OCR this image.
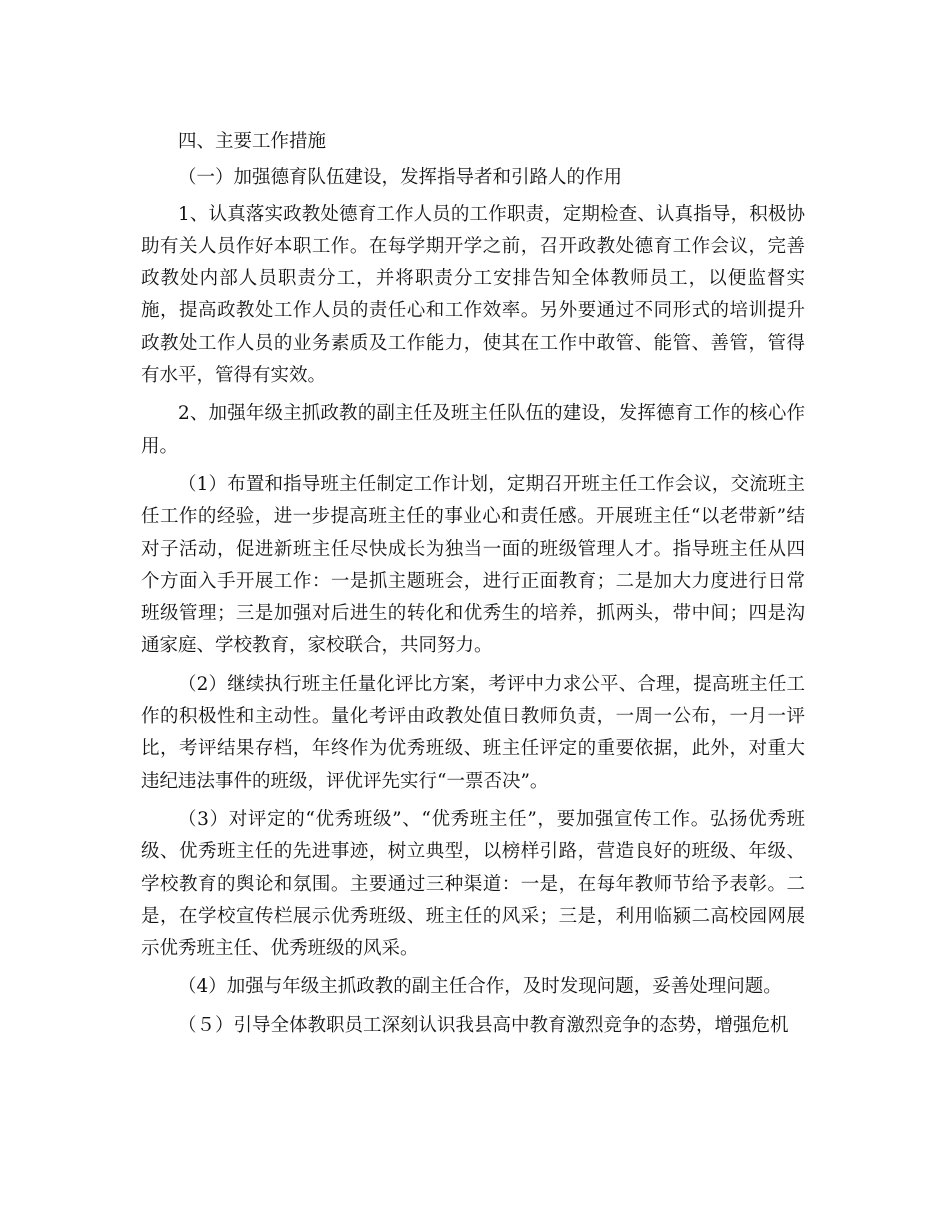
四、主要工作措施

（一）加强德育队伍建设，发挥指导者和引路人的作用

1、认真落实政教处德育工作人员的工作职责，定期检查、认真指导，积极协助有关人员作好本职工作。在每学期开学之前，召开政教处德育工作会议，完善政教处内部人员职责分工，并将职责分工安排告知全体教师员工，以便监督实施，提高政教处工作人员的责任心和工作效率。另外要通过不同形式的培训提升政教处工作人员的业务素质及工作能力，使其在工作中敢管、能管、善管，管得有水平，管得有实效。

2、加强年级主抓政教的副主任及班主任队伍的建设，发挥德育工作的核心作用。

（1）布置和指导班主任制定工作计划，定期召开班主任工作会议，交流班主任工作的经验，进一步提高班主任的事业心和责任感。开展班主任“以老带新”结对子活动，促进新班主任尽快成长为独当一面的班级管理人才。指导班主任从四个方面入手开展工作：一是抓主题班会，进行正面教育；二是加大力度进行日常班级管理；三是加强对后进生的转化和优秀生的培养，抓两头，带中间；四是沟通家庭、学校教育，家校联合，共同努力。

（2）继续执行班主任量化评比方案，考评中力求公平、合理，提高班主任工作的积极性和主动性。量化考评由政教处值日教师负责，一周一公布，一月一评比，考评结果存档，年终作为优秀班级、班主任评定的重要依据，此外，对重大违纪违法事件的班级，评优评先实行“一票否决”。

（3）对评定的“优秀班级”、“优秀班主任”，要加强宣传工作。弘扬优秀班级、优秀班主任的先进事迹，树立典型，以榜样引路，营造良好的班级、年级、学校教育的舆论和氛围。主要通过三种渠道：一是，在每年教师节给予表彰。二是，在学校宣传栏展示优秀班级、班主任的风采；三是，利用临颍二高校园网展示优秀班主任、优秀班级的风采。

（4）加强与年级主抓政教的副主任合作，及时发现问题，妥善处理问题。

（５）引导全体教职员工深刻认识我县高中教育激烈竞争的态势，增强危机
